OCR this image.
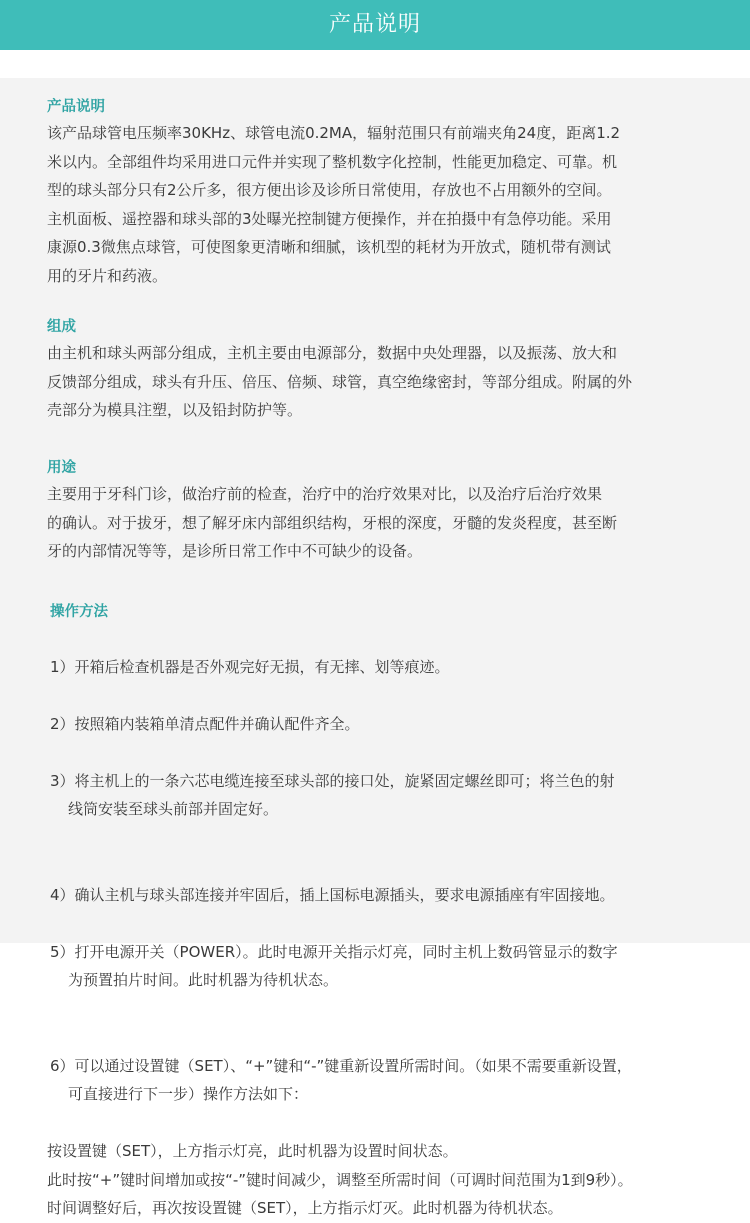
产品说明

产品说明

该产品球管电压频率30KHz、球管电流0.2MA，辐射范围只有前端夹角24度，距离1.2

米以内。全部组件均采用进口元件并实现了整机数字化控制，性能更加稳定、可靠。机

型的球头部分只有2公斤多，很方便出诊及诊所日常使用，存放也不占用额外的空间。

主机面板、遥控器和球头部的3处曝光控制键方便操作，并在拍摄中有急停功能。采用

康源0.3微焦点球管，可使图象更清晰和细腻，该机型的耗材为开放式，随机带有测试

用的牙片和药液。

组成

由主机和球头两部分组成，主机主要由电源部分，数据中央处理器，以及振荡、放大和

反馈部分组成，球头有升压、倍压、倍频、球管，真空绝缘密封，等部分组成。附属的外

壳部分为模具注塑，以及铅封防护等。

用途

主要用于牙科门诊，做治疗前的检查，治疗中的治疗效果对比，以及治疗后治疗效果

的确认。对于拔牙，想了解牙床内部组织结构，牙根的深度，牙髓的发炎程度，甚至断

牙的内部情况等等，是诊所日常工作中不可缺少的设备。

操作方法

1）开箱后检查机器是否外观完好无损，有无摔、划等痕迹。

2）按照箱内装箱单清点配件并确认配件齐全。

3）将主机上的一条六芯电缆连接至球头部的接口处，旋紧固定螺丝即可；将兰色的射

线筒安装至球头前部并固定好。

4）确认主机与球头部连接并牢固后，插上国标电源插头，要求电源插座有牢固接地。

5）打开电源开关（POWER）。此时电源开关指示灯亮，同时主机上数码管显示的数字

为预置拍片时间。此时机器为待机状态。

6）可以通过设置键（SET）、“+”键和“-”键重新设置所需时间。（如果不需要重新设置，

可直接进行下一步）操作方法如下：

按设置键（SET），上方指示灯亮，此时机器为设置时间状态。

此时按“+”键时间增加或按“-”键时间减少，调整至所需时间（可调时间范围为1到9秒）。

时间调整好后，再次按设置键（SET），上方指示灯灭。此时机器为待机状态。
